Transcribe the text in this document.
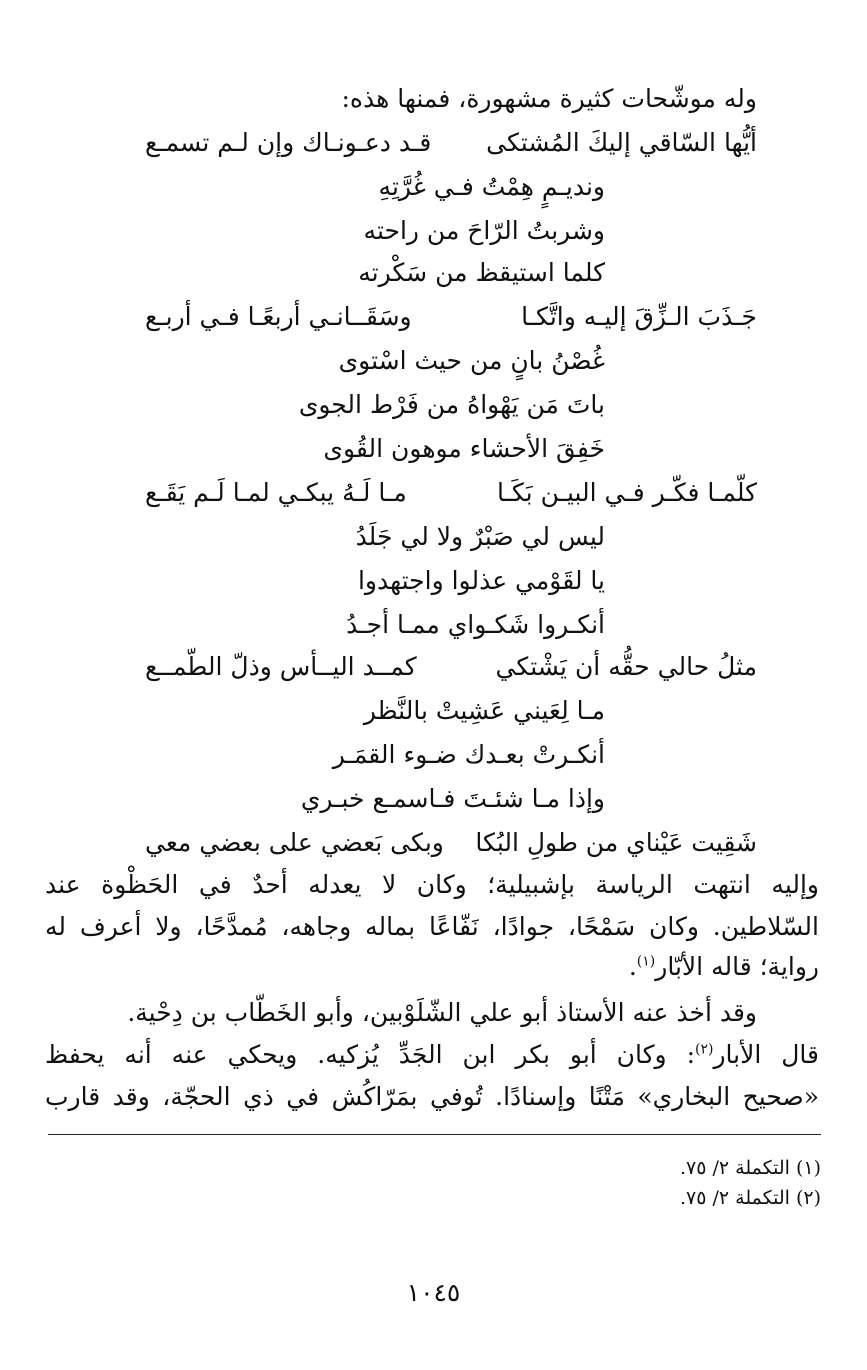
وله موشّحات كثيرة مشهورة، فمنها هذه:
أيُّها السّاقي إليكَ المُشتكى
قـد دعـونـاك وإن لـم تسمـع
ونديـمٍ هِمْتُ فـي غُرَّتِهِ
وشربتُ الرّاحَ من راحته
كلما استيقظ من سَكْرته
جَـذَبَ الـزِّقَ إليـه واتَّكـا
وسَقَــانـي أربعًـا فـي أربـع
غُصْنُ بانٍ من حيث اسْتوى
باتَ مَن يَهْواهُ من فَرْط الجوى
خَفِقَ الأحشاء موهون القُوى
كلّمـا فكّـر فـي البيـن بَكَـا
مـا لَـهُ يبكـي لمـا لَـم يَقَـع
ليس لي صَبْرٌ ولا لي جَلَدُ
يا لقَوْمي عذلوا واجتهدوا
أنكـروا شَكـواي ممـا أجـدُ
مثلُ حالي حقُّه أن يَشْتكي
كمــد اليــأس وذلّ الطّمــع
مـا لِعَيني عَشِيتْ بالنَّظر
أنكـرتْ بعـدك ضـوء القمَـر
وإذا مـا شئـتَ فـاسمـع خبـري
شَقِيت عَيْناي من طولِ البُكا
وبكى بَعضي على بعضي معي
وإليه انتهت الرياسة بإشبيلية؛ وكان لا يعدله أحدٌ في الحَظْوة عند
السّلاطين. وكان سَمْحًا، جوادًا، نَفّاعًا بماله وجاهه، مُمدَّحًا، ولا أعرف له
رواية؛ قاله الأبّار$^{(١)}$.
وقد أخذ عنه الأستاذ أبو علي الشّلَوْبين، وأبو الخَطّاب بن دِحْية.
قال الأبار$^{(٢)}$: وكان أبو بكر ابن الجَدِّ يُزكيه. ويحكي عنه أنه يحفظ
«صحيح البخاري» مَتْنًا وإسنادًا. تُوفي بمَرّاكُش في ذي الحجّة، وقد قارب
(١) التكملة ٢/ ٧٥.
(٢) التكملة ٢/ ٧٥.
١٠٤٥
